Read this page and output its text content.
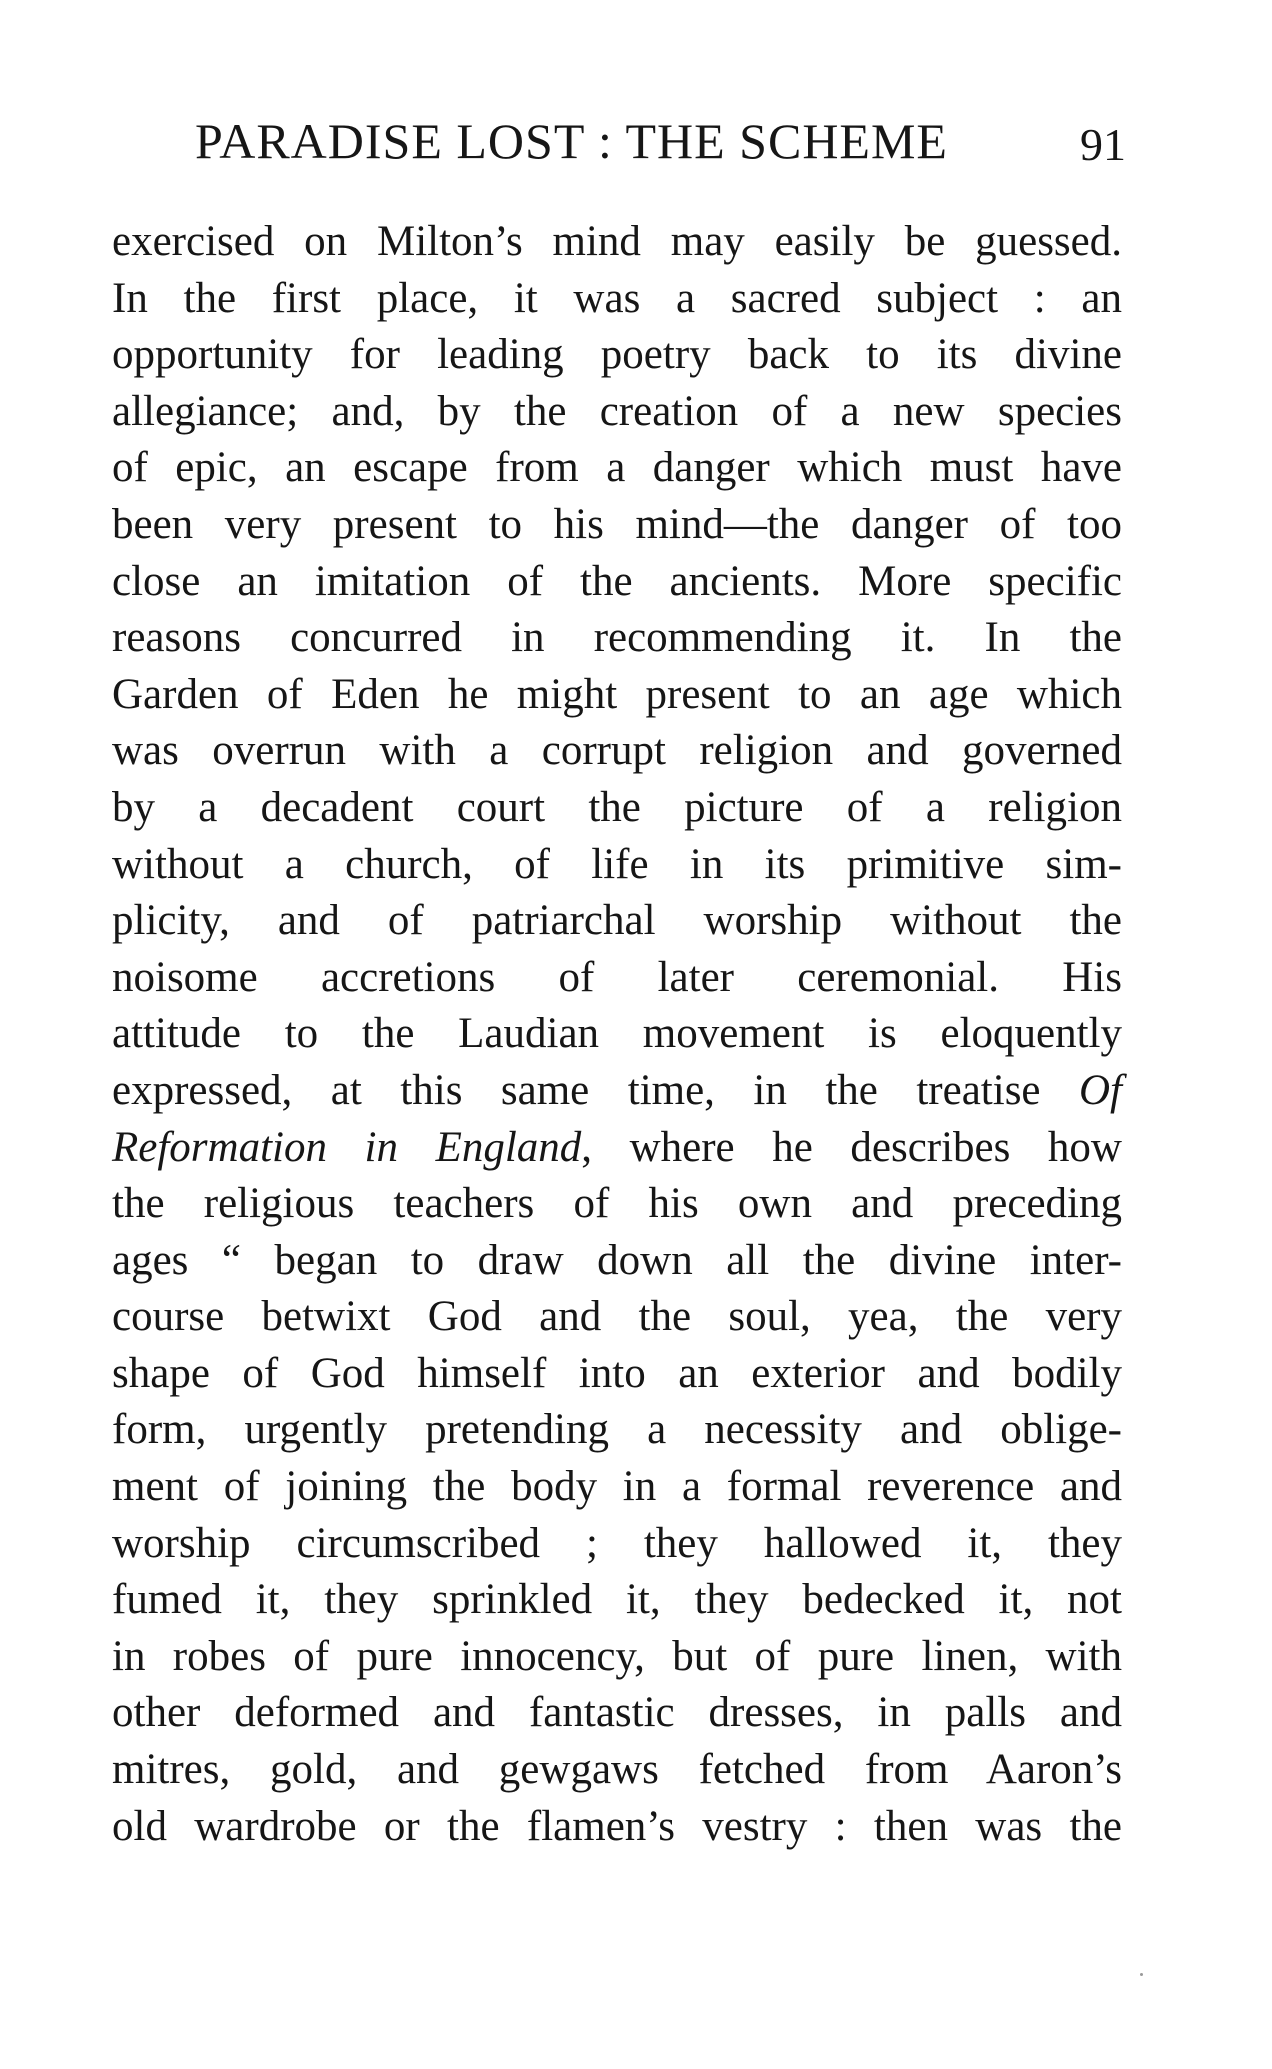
PARADISE LOST : THE SCHEME	91
exercised on Milton’s mind may easily be guessed.
In the first place, it was a sacred subject : an
opportunity for leading poetry back to its divine
allegiance; and, by the creation of a new species
of epic, an escape from a danger which must have
been very present to his mind—the danger of too
close an imitation of the ancients. More specific
reasons concurred in recommending it. In the
Garden of Eden he might present to an age which
was overrun with a corrupt religion and governed
by a decadent court the picture of a religion
without a church, of life in its primitive sim-
plicity, and of patriarchal worship without the
noisome accretions of later ceremonial. His
attitude to the Laudian movement is eloquently
expressed, at this same time, in the treatise Of
Reformation in England, where he describes how
the religious teachers of his own and preceding
ages “ began to draw down all the divine inter-
course betwixt God and the soul, yea, the very
shape of God himself into an exterior and bodily
form, urgently pretending a necessity and oblige-
ment of joining the body in a formal reverence and
worship circumscribed ; they hallowed it, they
fumed it, they sprinkled it, they bedecked it, not
in robes of pure innocency, but of pure linen, with
other deformed and fantastic dresses, in palls and
mitres, gold, and gewgaws fetched from Aaron’s
old wardrobe or the flamen’s vestry : then was the
